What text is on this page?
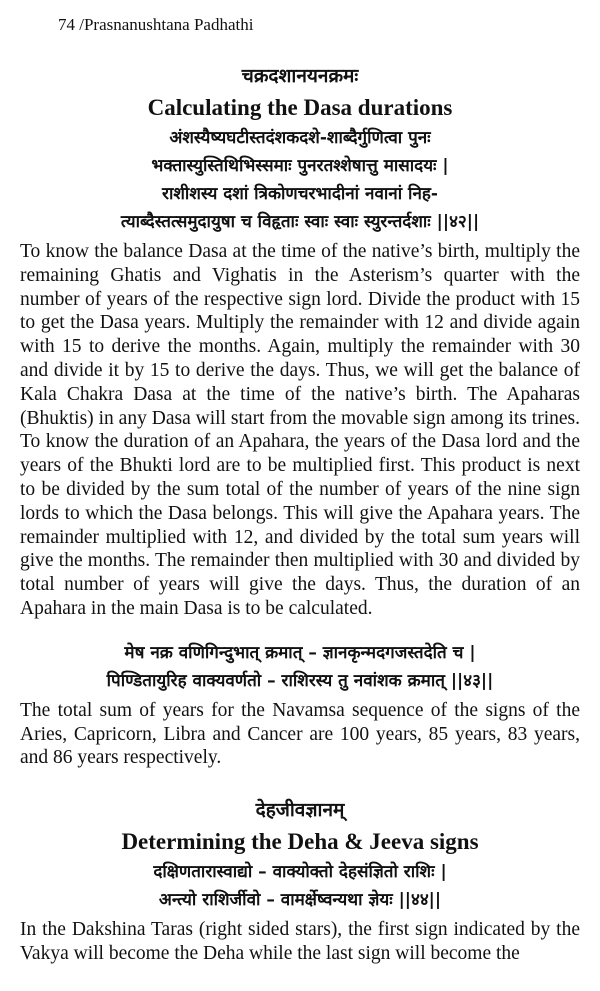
74 /Prasnanushtana Padhathi
चक्रदशानयनक्रमः
Calculating the Dasa durations
अंशस्यैष्यघटीस्तदंशकदशे-शाब्दैर्गुणित्वा पुनः
भक्तास्युस्तिथिभिस्समाः पुनरतश्शेषात्तु मासादयः |
राशीशस्य दशां त्रिकोणचरभादीनां नवानां निह-
त्याब्दैस्तत्समुदायुषा च विहृताः स्वाः स्वाः स्युरन्तर्दशाः ||४२||

To know the balance Dasa at the time of the native’s birth, multiply the remaining Ghatis and Vighatis in the Asterism’s quarter with the number of years of the respective sign lord. Divide the product with 15 to get the Dasa years. Multiply the remainder with 12 and divide again with 15 to derive the months. Again, multiply the remainder with 30 and divide it by 15 to derive the days. Thus, we will get the balance of Kala Chakra Dasa at the time of the native’s birth. The Apaharas (Bhuktis) in any Dasa will start from the movable sign among its trines. To know the duration of an Apahara, the years of the Dasa lord and the years of the Bhukti lord are to be multiplied first. This product is next to be divided by the sum total of the number of years of the nine sign lords to which the Dasa belongs. This will give the Apahara years. The remainder multiplied with 12, and divided by the total sum years will give the months. The remainder then multiplied with 30 and divided by total number of years will give the days. Thus, the duration of an Apahara in the main Dasa is to be calculated.

मेष नक्र वणिगिन्दुभात् क्रमात् – ज्ञानकृन्मदगजस्तदेति च |
पिण्डितायुरिह वाक्यवर्णतो – राशिरस्य तु नवांशक क्रमात् ||४३||

The total sum of years for the Navamsa sequence of the signs of the Aries, Capricorn, Libra and Cancer are 100 years, 85 years, 83 years, and 86 years respectively.

देहजीवज्ञानम्
Determining the Deha & Jeeva signs
दक्षिणतारास्वाद्यो – वाक्योक्तो देहसंज्ञितो राशिः |
अन्त्यो राशिर्जीवो – वामर्क्षेष्वन्यथा ज्ञेयः ||४४||

In the Dakshina Taras (right sided stars), the first sign indicated by the Vakya will become the Deha while the last sign will become the
